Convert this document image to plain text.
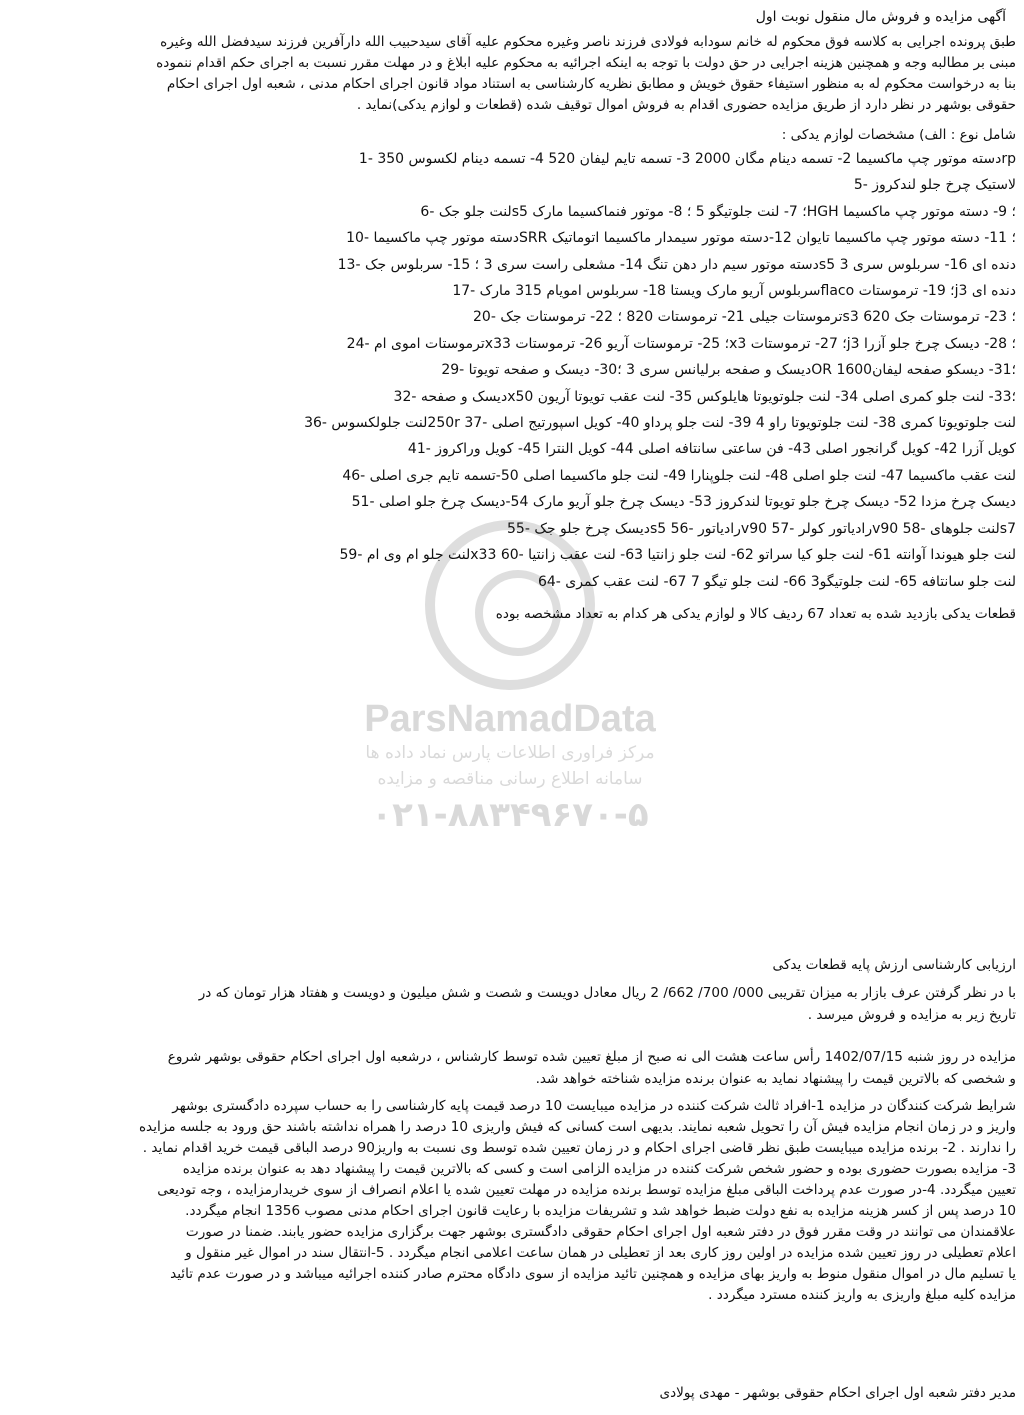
ParsNamadData
مرکز فراوری اطلاعات پارس نماد داده ها
سامانه اطلاع رسانی مناقصه و مزایده
۰۲۱-۸۸۳۴۹۶۷۰-۵

آگهی مزایده و فروش مال منقول نوبت اول

طبق پرونده اجرایی به کلاسه فوق محکوم له خانم سودابه فولادی فرزند ناصر وغیره محکوم علیه آقای سیدحبیب الله دارآفرین فرزند سیدفضل الله وغیره

مبنی بر مطالبه وجه و همچنین هزینه اجرایی در حق دولت با توجه به اینکه اجرائیه به محکوم علیه ابلاغ و در مهلت مقرر نسبت به اجرای حکم اقدام ننموده

بنا به درخواست محکوم له به منظور استیفاء حقوق خویش و مطابق نظریه کارشناسی به استناد مواد قانون اجرای احکام مدنی ، شعبه اول اجرای احکام

حقوقی بوشهر در نظر دارد از طریق مزایده حضوری اقدام به فروش اموال توقیف شده (قطعات و لوازم یدکی)نماید .

شامل نوع : الف) مشخصات لوازم یدکی :

rpدسته موتور چپ ماکسیما 2- تسمه دینام مگان 2000 3- تسمه تایم لیفان 520 4- تسمه دینام لکسوس 350 -1

لاستیک چرخ جلو لندکروز -5

؛ 9- دسته موتور چپ ماکسیما HGH؛ 7- لنت جلوتیگو 5 ؛ 8- موتور فنماکسیما مارک s5لنت جلو جک -6

؛ 11- دسته موتور چپ ماکسیما تایوان 12-دسته موتور سیمدار ماکسیما اتوماتیک SRRدسته موتور چپ ماکسیما -10

دنده ای 16- سربلوس سری 3 s5دسته موتور سیم دار دهن تنگ 14- مشعلی راست سری 3 ؛ 15- سربلوس جک -13

دنده ای j3؛ 19- ترموستات flacoسربلوس آریو مارک ویستا 18- سربلوس امویام 315 مارک -17

؛ 23- ترموستات جک 620 s3ترموستات جیلی 21- ترموستات 820 ؛ 22- ترموستات جک -20

؛ 28- دیسک چرخ جلو آزرا j3؛ 27- ترموستات x3؛ 25- ترموستات آریو 26- ترموستات x33ترموستات اموی ام -24

؛31- دیسکو صفحه لیفان1600 ORدیسک و صفحه برلیانس سری 3 ؛30- دیسک و صفحه تویوتا -29

؛33- لنت جلو کمری اصلی 34- لنت جلوتویوتا هایلوکس 35- لنت عقب تویوتا آریون x50دیسک و صفحه -32

لنت جلوتویوتا کمری 38- لنت جلوتویوتا راو 4 39- لنت جلو پرداو 40- کویل اسپورتیج اصلی -37 250rلنت جلولکسوس -36

کویل آزرا 42- کویل گرانجور اصلی 43- فن ساعتی سانتافه اصلی 44- کویل النترا 45- کویل وراکروز -41

لنت عقب ماکسیما 47- لنت جلو اصلی 48- لنت جلوپنارا 49- لنت جلو ماکسیما اصلی 50-تسمه تایم جری اصلی -46

دیسک چرخ مزدا 52- دیسک چرخ جلو تویوتا لندکروز 53- دیسک چرخ جلو آریو مارک 54-دیسک چرخ جلو اصلی -51

s7لنت جلوهای -58 v90رادیاتور کولر -57 v90رادیاتور -56 s5دیسک چرخ جلو جک -55

لنت جلو هیوندا آوانته 61- لنت جلو کیا سراتو 62- لنت جلو زانتیا 63- لنت عقب زانتیا -60 x33لنت جلو ام وی ام -59

لنت جلو سانتافه 65- لنت جلوتیگو3 66- لنت جلو تیگو 7 67- لنت عقب کمری -64

قطعات یدکی بازدید شده به تعداد 67 ردیف کالا و لوازم یدکی هر کدام به تعداد مشخصه بوده

ارزیابی کارشناسی ارزش پایه قطعات یدکی

با در نظر گرفتن عرف بازار به میزان تقریبی 000/ 700/ 662/ 2 ریال معادل دویست و شصت و شش میلیون و دویست و هفتاد هزار تومان که در

تاریخ زیر به مزایده و فروش میرسد .

مزایده در روز شنبه 1402/07/15 رأس ساعت هشت الی نه صبح از مبلغ تعیین شده توسط کارشناس ، درشعبه اول اجرای احکام حقوقی بوشهر شروع

و شخصی که بالاترین قیمت را پیشنهاد نماید به عنوان برنده مزایده شناخته خواهد شد.

شرایط شرکت کنندگان در مزایده 1-افراد ثالث شرکت کننده در مزایده میبایست 10 درصد قیمت پایه کارشناسی را به حساب سپرده دادگستری بوشهر

واریز و در زمان انجام مزایده فیش آن را تحویل شعبه نمایند. بدیهی است کسانی که فیش واریزی 10 درصد را همراه نداشته باشند حق ورود به جلسه مزایده

را ندارند . 2- برنده مزایده میبایست طبق نظر قاضی اجرای احکام و در زمان تعیین شده توسط وی نسبت به واریز90 درصد الباقی قیمت خرید اقدام نماید .

3- مزایده بصورت حضوری بوده و حضور شخص شرکت کننده در مزایده الزامی است و کسی که بالاترین قیمت را پیشنهاد دهد به عنوان برنده مزایده

تعیین میگردد. 4-در صورت عدم پرداخت الباقی مبلغ مزایده توسط برنده مزایده در مهلت تعیین شده یا اعلام انصراف از سوی خریدارمزایده ، وجه تودیعی

10 درصد پس از کسر هزینه مزایده به نفع دولت ضبط خواهد شد و تشریفات مزایده با رعایت قانون اجرای احکام مدنی مصوب 1356 انجام میگردد.

علاقمندان می توانند در وقت مقرر فوق در دفتر شعبه اول اجرای احکام حقوقی دادگستری بوشهر جهت برگزاری مزایده حضور یابند. ضمنا در صورت

اعلام تعطیلی در روز تعیین شده مزایده در اولین روز کاری بعد از تعطیلی در همان ساعت اعلامی انجام میگردد . 5-انتقال سند در اموال غیر منقول و

یا تسلیم مال در اموال منقول منوط به واریز بهای مزایده و همچنین تائید مزایده از سوی دادگاه محترم صادر کننده اجرائیه میباشد و در صورت عدم تائید

مزایده کلیه مبلغ واریزی به واریز کننده مسترد میگردد .

مدیر دفتر شعبه اول اجرای احکام حقوقی بوشهر - مهدی پولادی
